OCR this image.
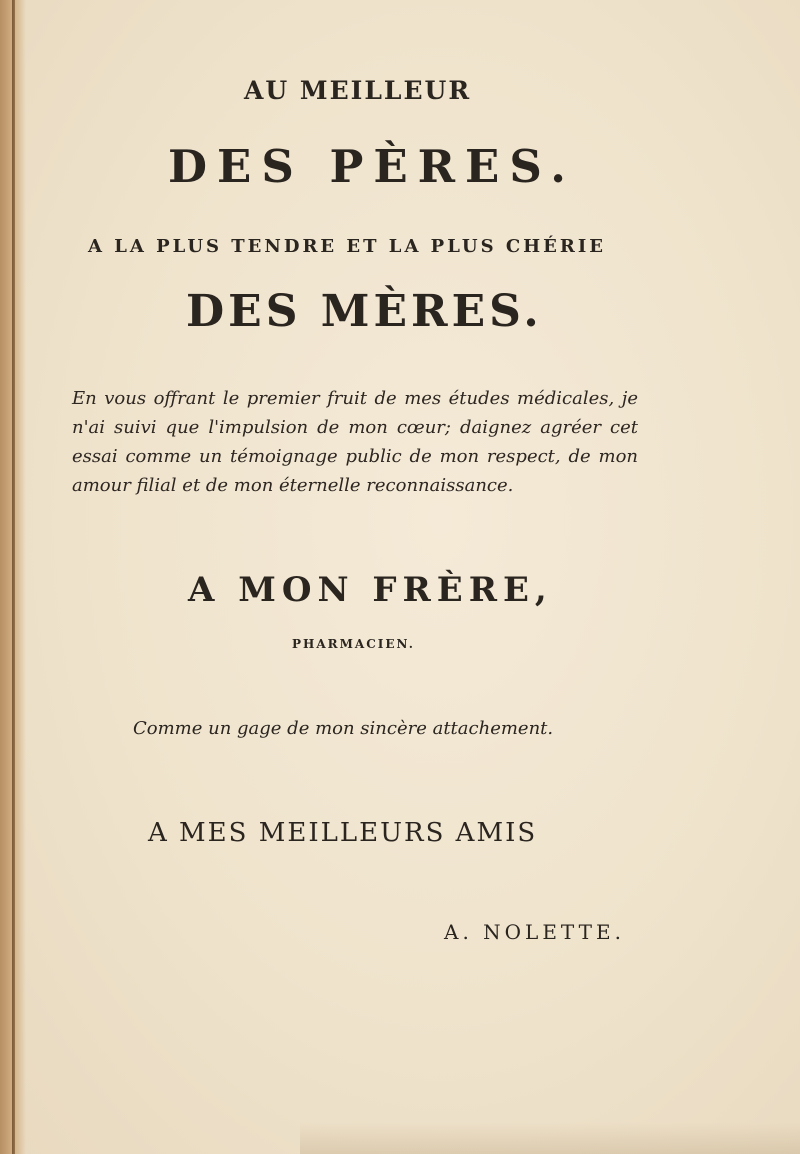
AU MEILLEUR
DES PÈRES.
A LA PLUS TENDRE ET LA PLUS CHÉRIE
DES MÈRES.

En vous offrant le premier fruit de mes études médicales, je n'ai suivi que l'impulsion de mon cœur; daignez agréer cet essai comme un témoignage public de mon respect, de mon amour filial et de mon éternelle reconnaissance.

A MON FRÈRE,
PHARMACIEN.
Comme un gage de mon sincère attachement.
A MES MEILLEURS AMIS
A. NOLETTE.
